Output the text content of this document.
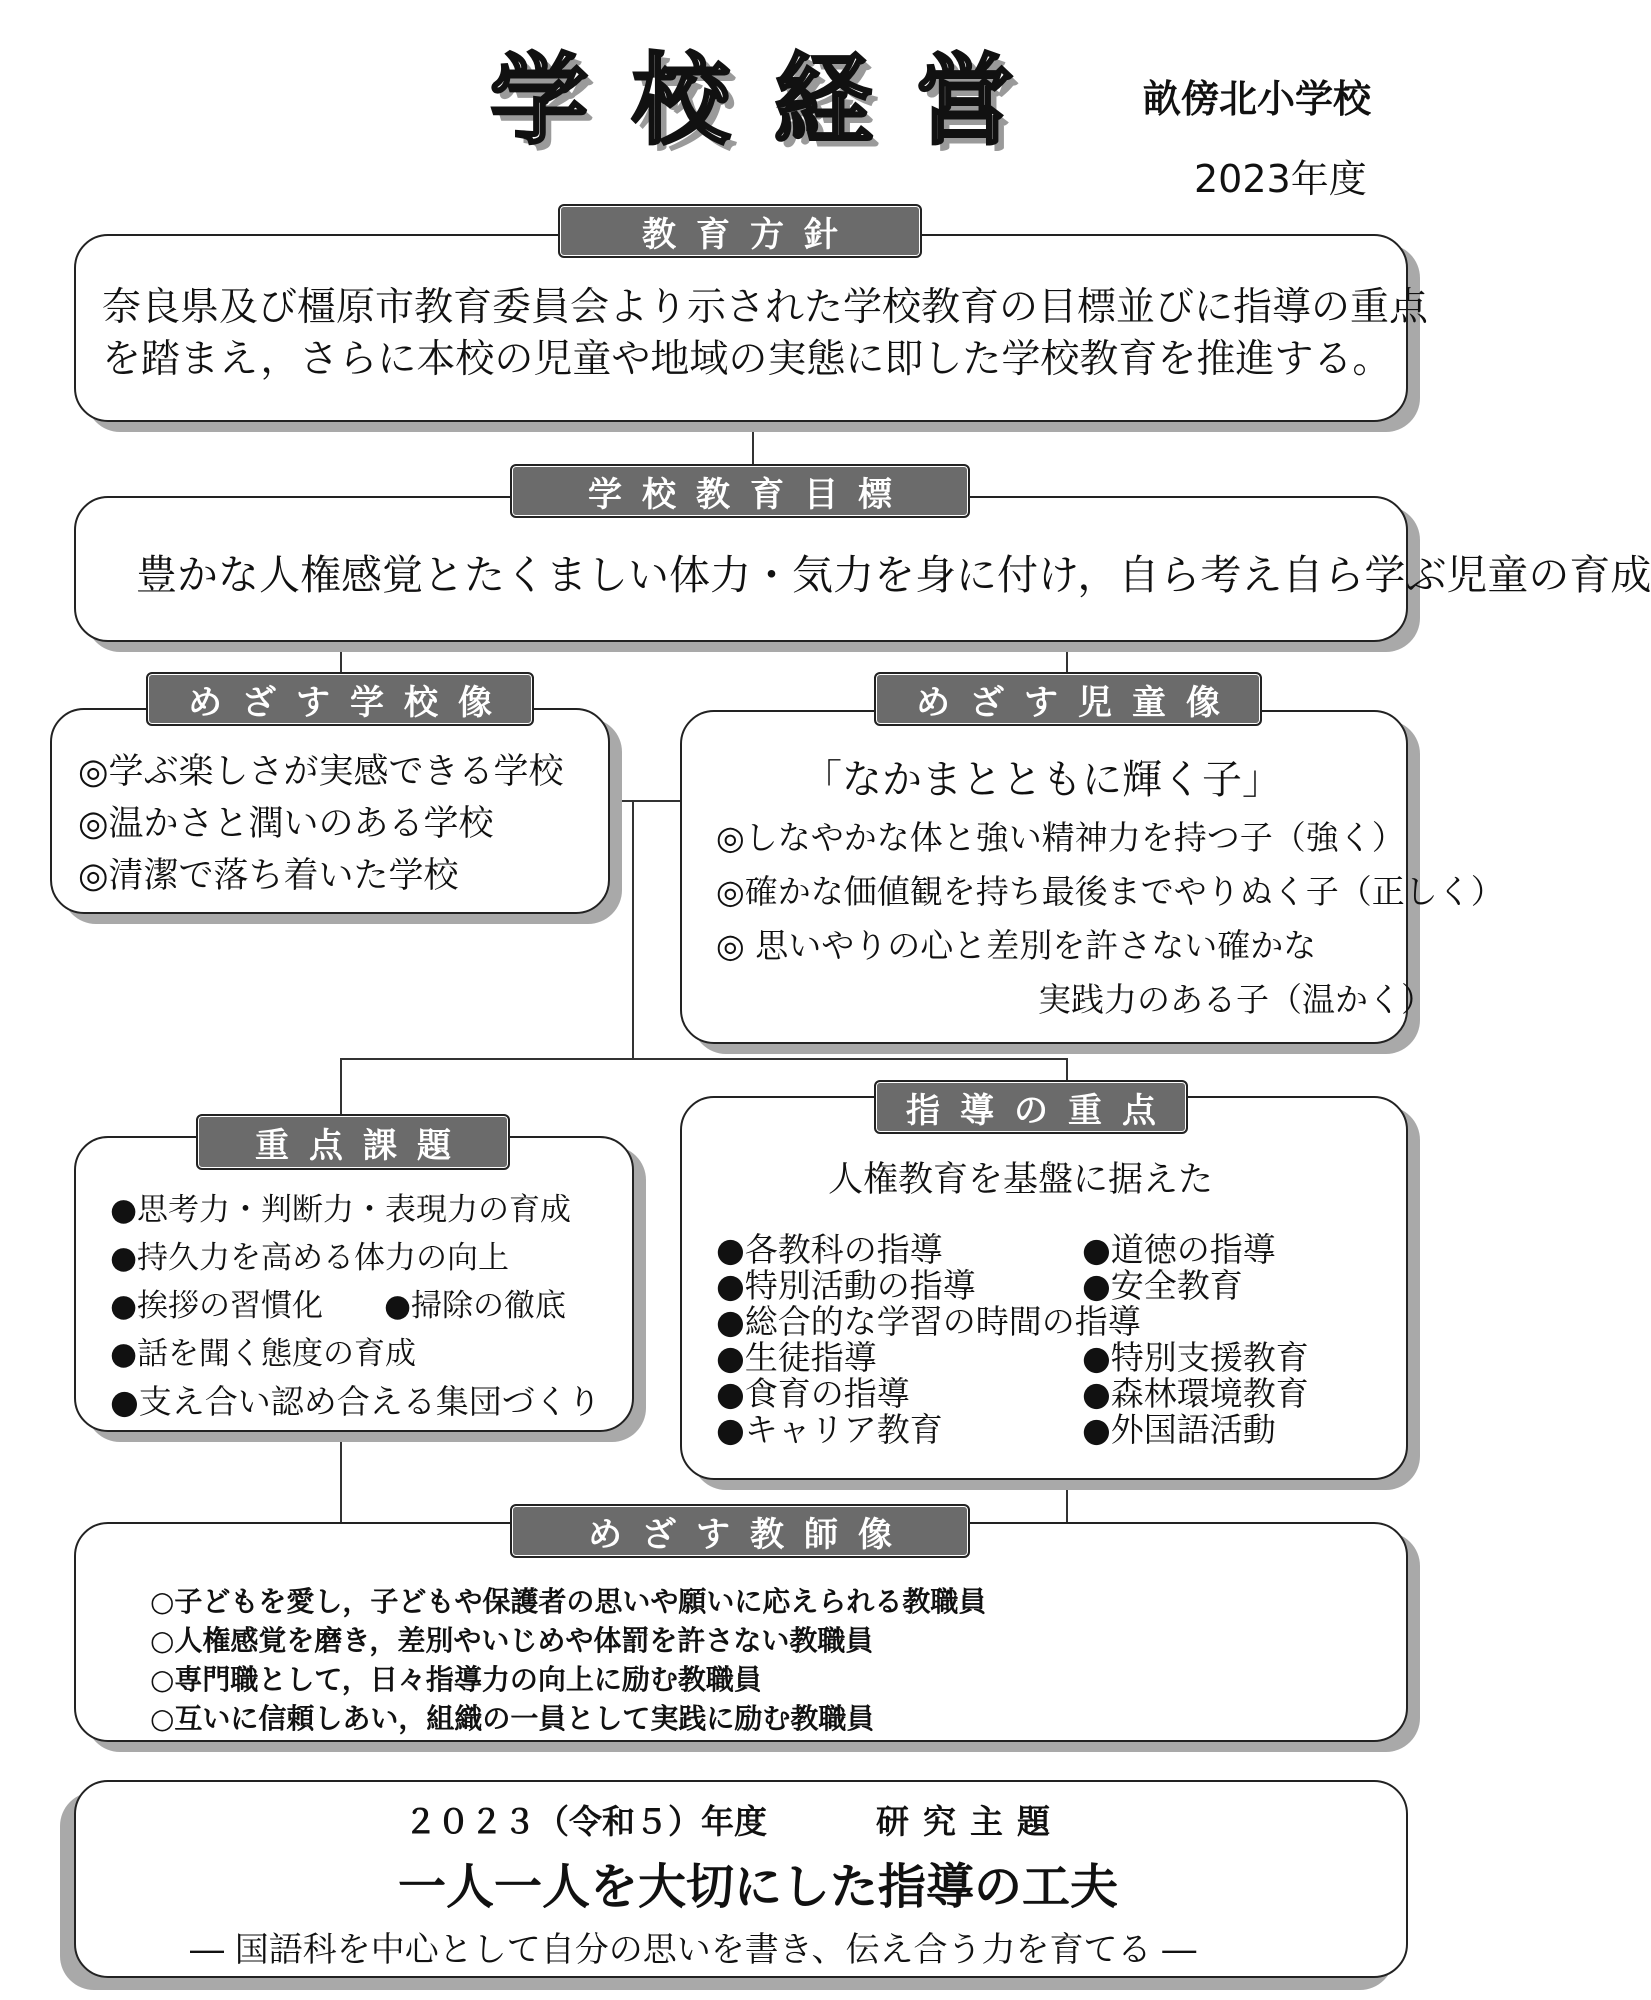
学校経営 畝傍北小学校
2023年度
奈良県及び橿原市教育委員会より示された学校教育の目標並びに指導の重点
を踏まえ，さらに本校の児童や地域の実態に即した学校教育を推進する。
教育方針
豊かな人権感覚とたくましい体力・気力を身に付け，自ら考え自ら学ぶ児童の育成
学校教育目標
◎学ぶ楽しさが実感できる学校
◎温かさと潤いのある学校
◎清潔で落ち着いた学校
めざす学校像
「なかまとともに輝く子」
◎しなやかな体と強い精神力を持つ子（強く）
◎確かな価値観を持ち最後までやりぬく子（正しく）
◎ 思いやりの心と差別を許さない確かな
実践力のある子（温かく）
めざす児童像
●思考力・判断力・表現力の育成
●持久力を高める体力の向上
●挨拶の習慣化 ●掃除の徹底
●話を聞く態度の育成
●支え合い認め合える集団づくり
重点課題
人権教育を基盤に据えた
●各教科の指導
●特別活動の指導
●総合的な学習の時間の指導
●生徒指導
●食育の指導
●キャリア教育
●道徳の指導
●安全教育
●特別支援教育
●森林環境教育
●外国語活動
指導の重点
○子どもを愛し，子どもや保護者の思いや願いに応えられる教職員
○人権感覚を磨き，差別やいじめや体罰を許さない教職員
○専門職として，日々指導力の向上に励む教職員
○互いに信頼しあい，組織の一員として実践に励む教職員
めざす教師像
２０２３（令和５）年度	研究主題
一人一人を大切にした指導の工夫
― 国語科を中心として自分の思いを書き、伝え合う力を育てる ―
